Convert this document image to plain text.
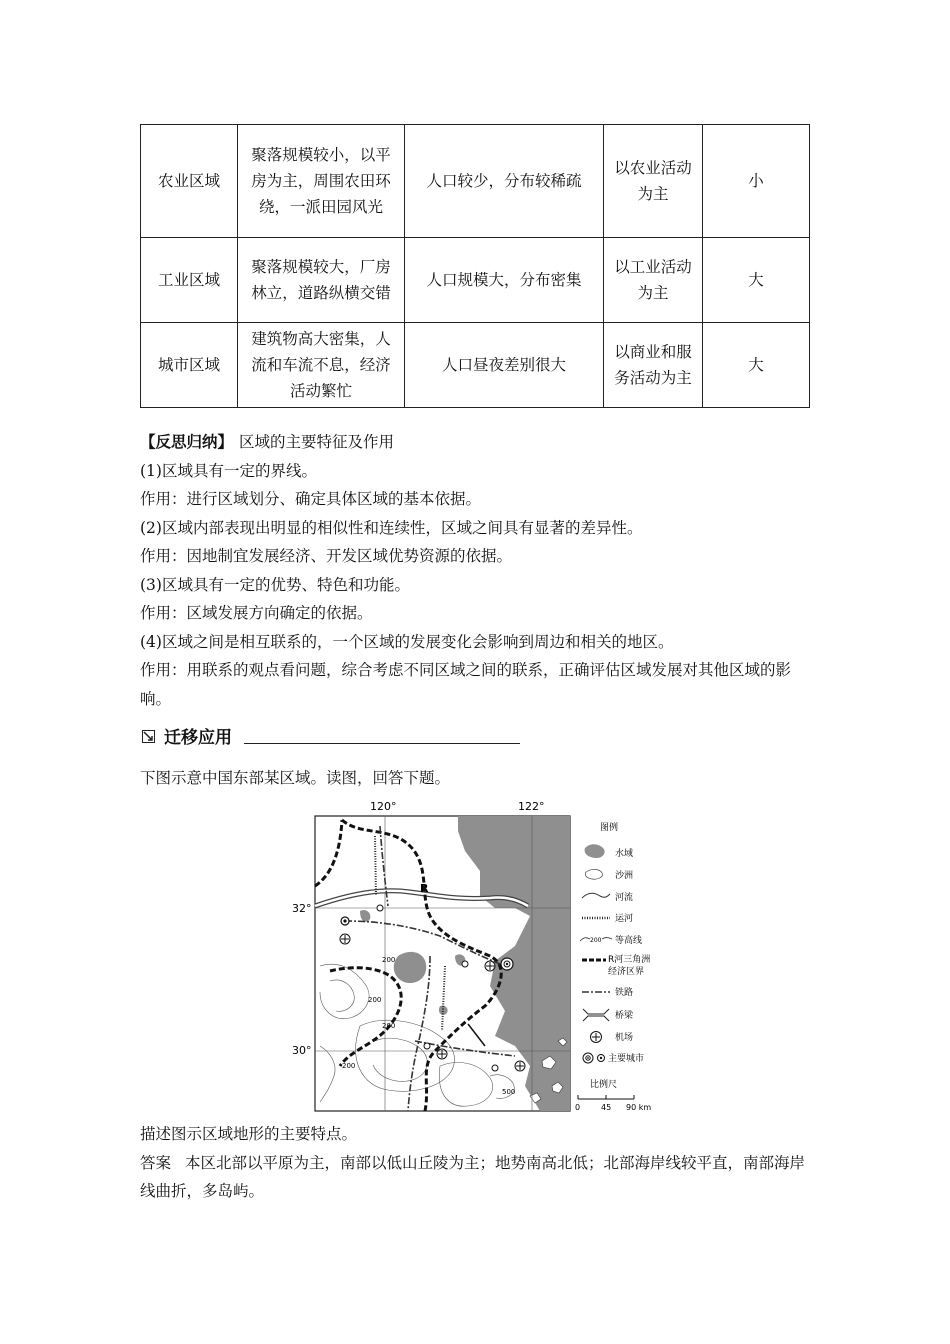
农业区域	聚落规模较小，以平房为主，周围农田环绕，一派田园风光	人口较少，分布较稀疏	以农业活动为主	小
工业区域	聚落规模较大，厂房林立，道路纵横交错	人口规模大，分布密集	以工业活动为主	大
城市区域	建筑物高大密集，人流和车流不息，经济活动繁忙	人口昼夜差别很大	以商业和服务活动为主	大

【反思归纳】 区域的主要特征及作用

(1)区域具有一定的界线。

作用：进行区域划分、确定具体区域的基本依据。

(2)区域内部表现出明显的相似性和连续性，区域之间具有显著的差异性。

作用：因地制宜发展经济、开发区域优势资源的依据。

(3)区域具有一定的优势、特色和功能。

作用：区域发展方向确定的依据。

(4)区域之间是相互联系的，一个区域的发展变化会影响到周边和相关的地区。

作用：用联系的观点看问题，综合考虑不同区域之间的联系，正确评估区域发展对其他区域的影响。

迁移应用

下图示意中国东部某区域。读图，回答下题。

120°	122°
32°
30°
R
200
200
200
200
500
图例
水域
沙洲
河流
运河
200 等高线
R河三角洲
经济区界
铁路
桥梁
机场
主要城市
比例尺
0	45 90 km

描述图示区域地形的主要特点。

答案 本区北部以平原为主，南部以低山丘陵为主；地势南高北低；北部海岸线较平直，南部海岸线曲折，多岛屿。
